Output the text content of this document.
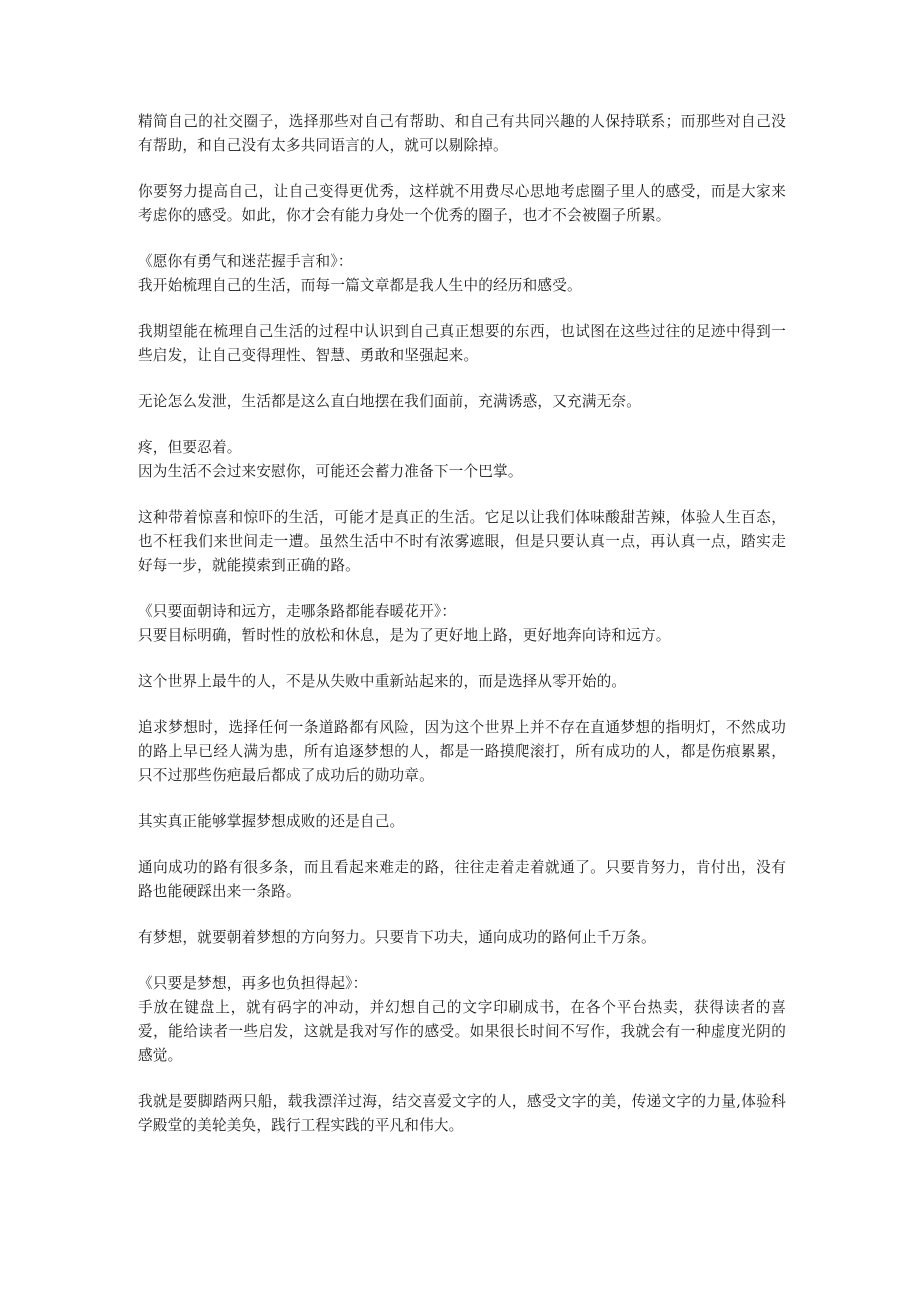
精简自己的社交圈子，选择那些对自己有帮助、和自己有共同兴趣的人保持联系；而那些对自己没有帮助，和自己没有太多共同语言的人，就可以剔除掉。

你要努力提高自己，让自己变得更优秀，这样就不用费尽心思地考虑圈子里人的感受，而是大家来考虑你的感受。如此，你才会有能力身处一个优秀的圈子，也才不会被圈子所累。

《愿你有勇气和迷茫握手言和》：
我开始梳理自己的生活，而每一篇文章都是我人生中的经历和感受。

我期望能在梳理自己生活的过程中认识到自己真正想要的东西，也试图在这些过往的足迹中得到一些启发，让自己变得理性、智慧、勇敢和坚强起来。

无论怎么发泄，生活都是这么直白地摆在我们面前，充满诱惑，又充满无奈。

疼，但要忍着。
因为生活不会过来安慰你，可能还会蓄力准备下一个巴掌。

这种带着惊喜和惊吓的生活，可能才是真正的生活。它足以让我们体味酸甜苦辣，体验人生百态，也不枉我们来世间走一遭。虽然生活中不时有浓雾遮眼，但是只要认真一点，再认真一点，踏实走好每一步，就能摸索到正确的路。

《只要面朝诗和远方，走哪条路都能春暖花开》：
只要目标明确，暂时性的放松和休息，是为了更好地上路，更好地奔向诗和远方。

这个世界上最牛的人，不是从失败中重新站起来的，而是选择从零开始的。

追求梦想时，选择任何一条道路都有风险，因为这个世界上并不存在直通梦想的指明灯，不然成功的路上早已经人满为患，所有追逐梦想的人，都是一路摸爬滚打，所有成功的人，都是伤痕累累，只不过那些伤疤最后都成了成功后的勋功章。

其实真正能够掌握梦想成败的还是自己。

通向成功的路有很多条，而且看起来难走的路，往往走着走着就通了。只要肯努力，肯付出，没有路也能硬踩出来一条路。

有梦想，就要朝着梦想的方向努力。只要肯下功夫，通向成功的路何止千万条。

《只要是梦想，再多也负担得起》：
手放在键盘上，就有码字的冲动，并幻想自己的文字印刷成书，在各个平台热卖，获得读者的喜爱，能给读者一些启发，这就是我对写作的感受。如果很长时间不写作，我就会有一种虚度光阴的感觉。

我就是要脚踏两只船，载我漂洋过海，结交喜爱文字的人，感受文字的美，传递文字的力量,体验科学殿堂的美轮美奂，践行工程实践的平凡和伟大。
